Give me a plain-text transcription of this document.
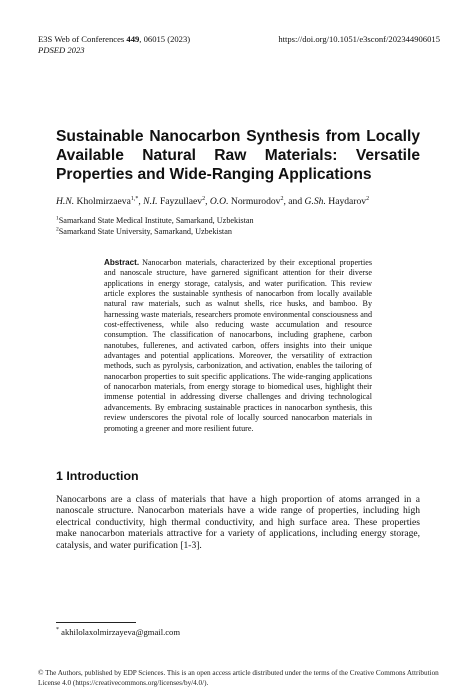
E3S Web of Conferences 449, 06015 (2023)
PDSED 2023
https://doi.org/10.1051/e3sconf/202344906015
Sustainable Nanocarbon Synthesis from Locally Available Natural Raw Materials: Versatile Properties and Wide-Ranging Applications
H.N. Kholmirzaeva$^{1,*}$, N.I. Fayzullaev$^2$, O.O. Normurodov$^2$, and G.Sh. Haydarov$^2$
$^1$Samarkand State Medical Institute, Samarkand, Uzbekistan
$^2$Samarkand State University, Samarkand, Uzbekistan

Abstract. Nanocarbon materials, characterized by their exceptional properties and nanoscale structure, have garnered significant attention for their diverse applications in energy storage, catalysis, and water purification. This review article explores the sustainable synthesis of nanocarbon from locally available natural raw materials, such as walnut shells, rice husks, and bamboo. By harnessing waste materials, researchers promote environmental consciousness and cost-effectiveness, while also reducing waste accumulation and resource consumption. The classification of nanocarbons, including graphene, carbon nanotubes, fullerenes, and activated carbon, offers insights into their unique advantages and potential applications. Moreover, the versatility of extraction methods, such as pyrolysis, carbonization, and activation, enables the tailoring of nanocarbon properties to suit specific applications. The wide-ranging applications of nanocarbon materials, from energy storage to biomedical uses, highlight their immense potential in addressing diverse challenges and driving technological advancements. By embracing sustainable practices in nanocarbon synthesis, this review underscores the pivotal role of locally sourced nanocarbon materials in promoting a greener and more resilient future.

1 Introduction

Nanocarbons are a class of materials that have a high proportion of atoms arranged in a nanoscale structure. Nanocarbon materials have a wide range of properties, including high electrical conductivity, high thermal conductivity, and high surface area. These properties make nanocarbon materials attractive for a variety of applications, including energy storage, catalysis, and water purification [1-3].

* akhilolaxolmirzayeva@gmail.com
© The Authors, published by EDP Sciences. This is an open access article distributed under the terms of the Creative Commons Attribution License 4.0 (https://creativecommons.org/licenses/by/4.0/).
